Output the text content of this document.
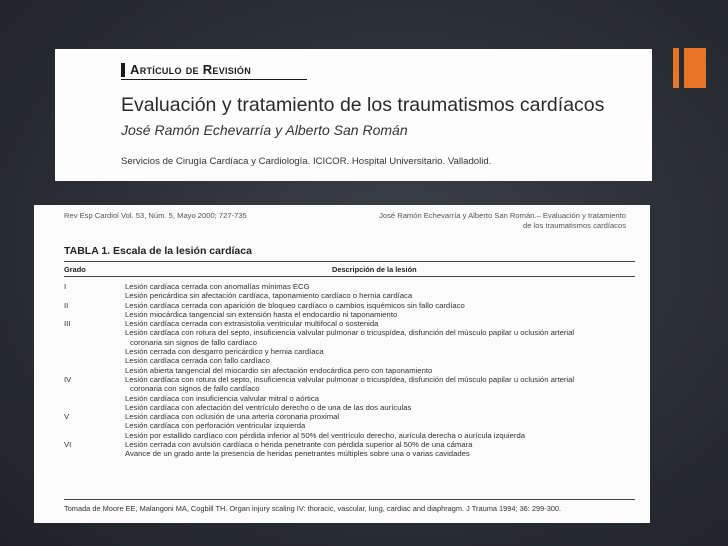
Artículo de Revisión
Evaluación y tratamiento de los traumatismos cardíacos
José Ramón Echevarría y Alberto San Román
Servicios de Cirugía Cardíaca y Cardiología. ICICOR. Hospital Universitario. Valladolid.
Rev Esp Cardiol Vol. 53, Núm. 5, Mayo 2000; 727-735	José Ramón Echevarría y Alberto San Román.– Evaluación y tratamiento
de los traumatismos cardíacos
TABLA 1. Escala de la lesión cardíaca
Grado	Descripción de la lesión
I	Lesión cardíaca cerrada con anomalías mínimas ECG
Lesión pericárdica sin afectación cardíaca, taponamiento cardíaco o hernia cardíaca
II	Lesión cardíaca cerrada con aparición de bloqueo cardíaco o cambios isquémicos sin fallo cardíaco
Lesión miocárdica tangencial sin extensión hasta el endocardio ni taponamiento
III	Lesión cardíaca cerrada con extrasistolia ventricular multifocal o sostenida
Lesión cardíaca con rotura del septo, insuficiencia valvular pulmonar o tricuspídea, disfunción del músculo papilar u oclusión arterial
coronaria sin signos de fallo cardíaco
Lesión cerrada con desgarro pericárdico y hernia cardíaca
Lesión cardíaca cerrada con fallo cardíaco
Lesión abierta tangencial del miocardio sin afectación endocárdica pero con taponamiento
IV	Lesión cardíaca con rotura del septo, insuficiencia valvular pulmonar o tricuspídea, disfunción del músculo papilar u oclusión arterial
coronaria con signos de fallo cardíaco
Lesión cardíaca con insuficiencia valvular mitral o aórtica
Lesión cardíaca con afectación del ventrículo derecho o de una de las dos aurículas
V	Lesión cardíaca con oclusión de una arteria coronaria proximal
Lesión cardíaca con perforación ventricular izquierda
Lesión por estallido cardíaco con pérdida inferior al 50% del ventrículo derecho, aurícula derecha o aurícula izquierda
VI	Lesión cerrada con avulsión cardíaca o herida penetrante con pérdida superior al 50% de una cámara
Avance de un grado ante la presencia de heridas penetrantes múltiples sobre una o varias cavidades
Tomada de Moore EE, Malangoni MA, Cogbill TH. Organ injury scaling IV: thoracic, vascular, lung, cardiac and diaphragm. J Trauma 1994; 36: 299-300.
